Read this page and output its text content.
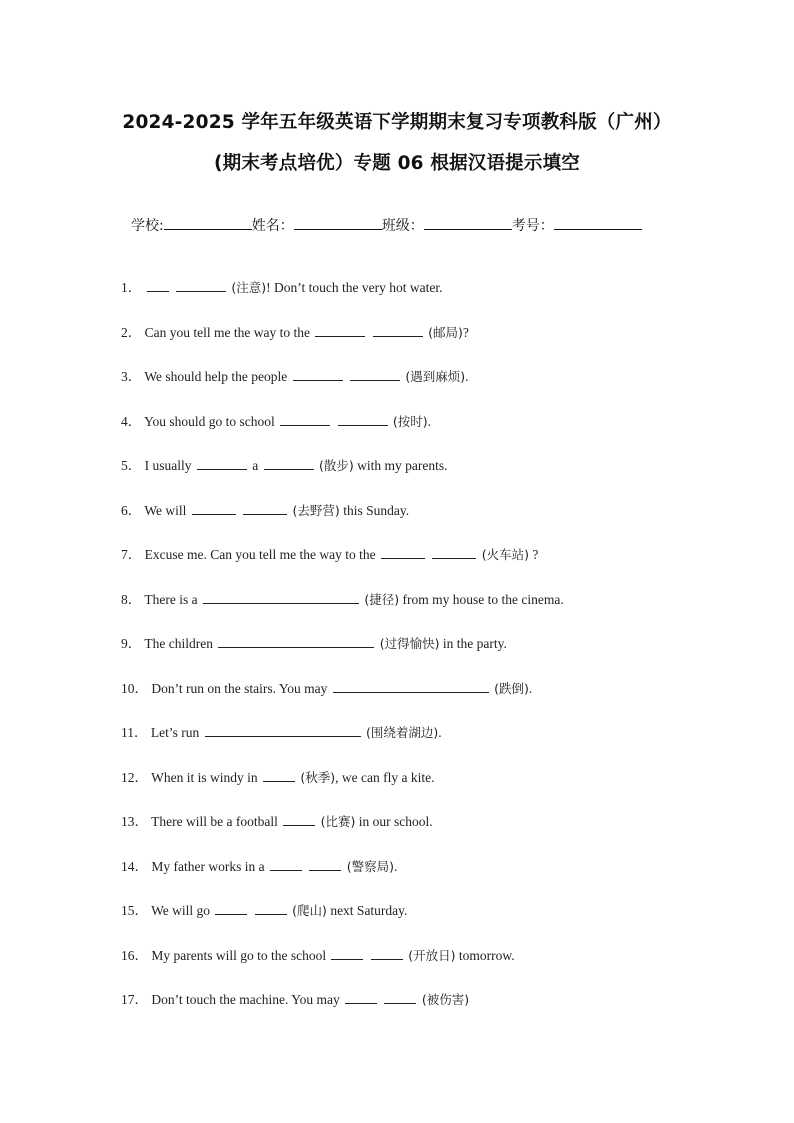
2024-2025 学年五年级英语下学期期末复习专项教科版（广州）
(期末考点培优）专题 06 根据汉语提示填空
学校:	姓名：	班级：	考号：
1．	(注意)! Don’t touch the very hot water.
2． Can you tell me the way to the	(邮局)?
3． We should help the people	(遇到麻烦).
4． You should go to school	(按时).
5． I usually	a	(散步) with my parents.
6． We will	(去野营) this Sunday.
7． Excuse me. Can you tell me the way to the	(火车站) ?
8． There is a	(捷径) from my house to the cinema.
9． The children	(过得愉快) in the party.
10． Don’t run on the stairs. You may	(跌倒).
11． Let’s run	(围绕着湖边).
12． When it is windy in	(秋季), we can fly a kite.
13． There will be a football	(比赛) in our school.
14． My father works in a	(警察局).
15． We will go	(爬山) next Saturday.
16． My parents will go to the school	(开放日) tomorrow.
17． Don’t touch the machine. You may	(被伤害)
